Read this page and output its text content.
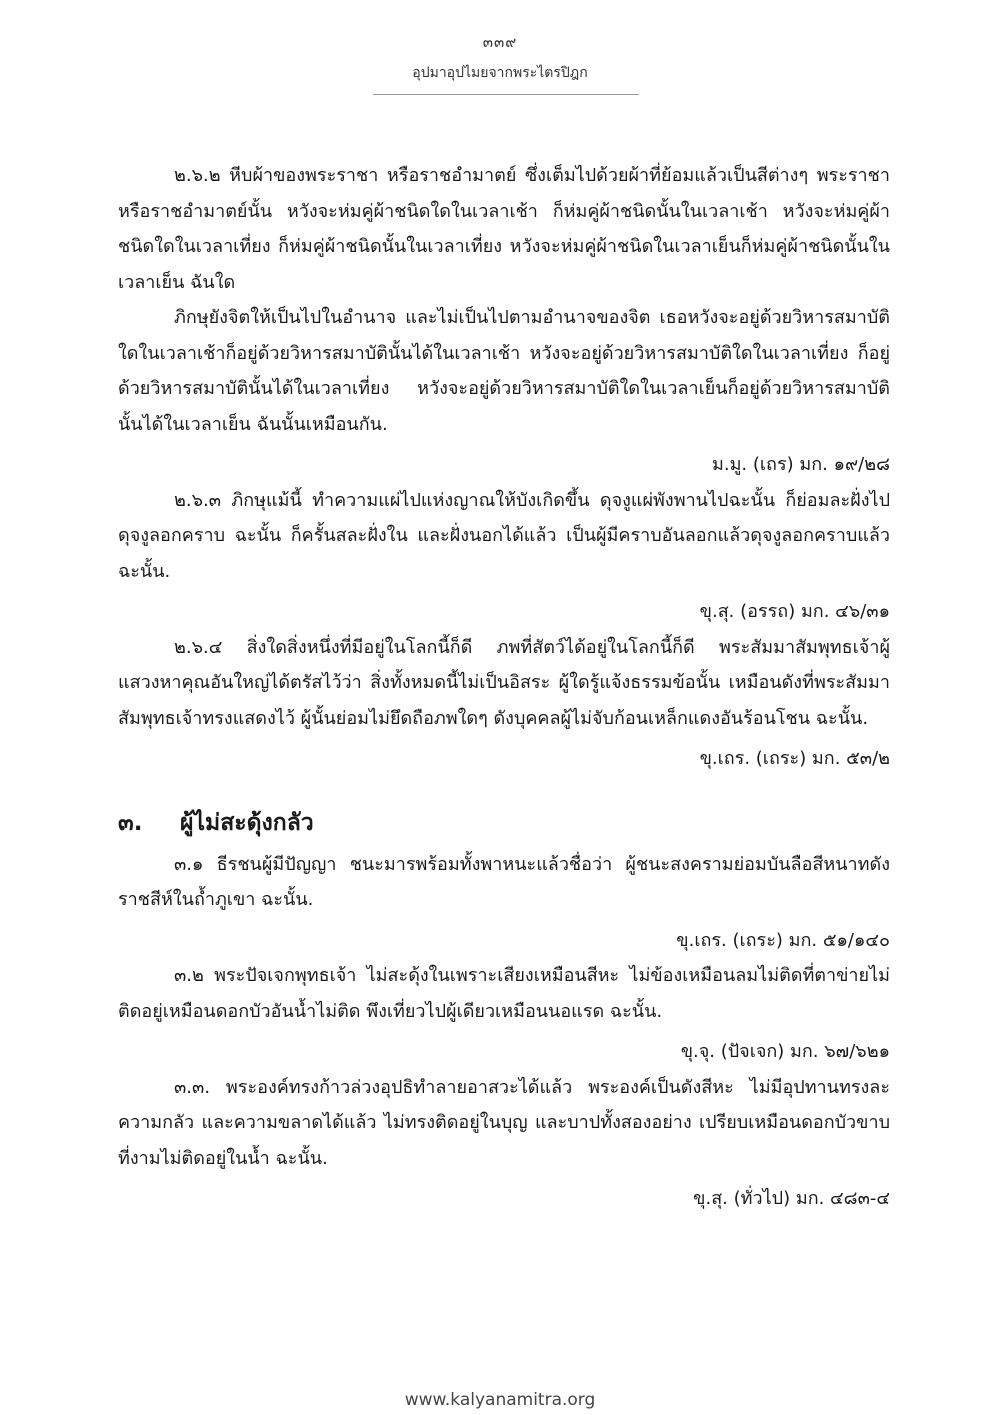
๓๓๙
อุปมาอุปไมยจากพระไตรปิฎก

๒.๖.๒ หีบผ้าของพระราชา หรือราชอำมาตย์ ซึ่งเต็มไปด้วยผ้าที่ย้อมแล้วเป็นสีต่างๆ พระราชาหรือราชอำมาตย์นั้น หวังจะห่มคู่ผ้าชนิดใดในเวลาเช้า ก็ห่มคู่ผ้าชนิดนั้นในเวลาเช้า หวังจะห่มคู่ผ้าชนิดใดในเวลาเที่ยง ก็ห่มคู่ผ้าชนิดนั้นในเวลาเที่ยง หวังจะห่มคู่ผ้าชนิดในเวลาเย็นก็ห่มคู่ผ้าชนิดนั้นในเวลาเย็น ฉันใด

ภิกษุยังจิตให้เป็นไปในอำนาจ และไม่เป็นไปตามอำนาจของจิต เธอหวังจะอยู่ด้วยวิหารสมาบัติใดในเวลาเช้าก็อยู่ด้วยวิหารสมาบัตินั้นได้ในเวลาเช้า หวังจะอยู่ด้วยวิหารสมาบัติใดในเวลาเที่ยง ก็อยู่ด้วยวิหารสมาบัตินั้นได้ในเวลาเที่ยง หวังจะอยู่ด้วยวิหารสมาบัติใดในเวลาเย็นก็อยู่ด้วยวิหารสมาบัตินั้นได้ในเวลาเย็น ฉันนั้นเหมือนกัน.

ม.มู. (เถร) มก. ๑๙/๒๘

๒.๖.๓ ภิกษุแม้นี้ ทำความแผ่ไปแห่งญาณให้บังเกิดขึ้น ดุจงูแผ่พังพานไปฉะนั้น ก็ย่อมละฝั่งไปดุจงูลอกคราบ ฉะนั้น ก็ครั้นสละฝั่งใน และฝั่งนอกได้แล้ว เป็นผู้มีคราบอันลอกแล้วดุจงูลอกคราบแล้ว ฉะนั้น.

ขุ.สุ. (อรรถ) มก. ๔๖/๓๑

๒.๖.๔ สิ่งใดสิ่งหนึ่งที่มีอยู่ในโลกนี้ก็ดี ภพที่สัตว์ได้อยู่ในโลกนี้ก็ดี พระสัมมาสัมพุทธเจ้าผู้แสวงหาคุณอันใหญ่ได้ตรัสไว้ว่า สิ่งทั้งหมดนี้ไม่เป็นอิสระ ผู้ใดรู้แจ้งธรรมข้อนั้น เหมือนดังที่พระสัมมาสัมพุทธเจ้าทรงแสดงไว้ ผู้นั้นย่อมไม่ยึดถือภพใดๆ ดังบุคคลผู้ไม่จับก้อนเหล็กแดงอันร้อนโชน ฉะนั้น.

ขุ.เถร. (เถระ) มก. ๕๓/๒
๓.	ผู้ไม่สะดุ้งกลัว

๓.๑ ธีรชนผู้มีปัญญา ชนะมารพร้อมทั้งพาหนะแล้วชื่อว่า ผู้ชนะสงครามย่อมบันลือสีหนาทดังราชสีห์ในถ้ำภูเขา ฉะนั้น.

ขุ.เถร. (เถระ) มก. ๕๑/๑๔๐

๓.๒ พระปัจเจกพุทธเจ้า ไม่สะดุ้งในเพราะเสียงเหมือนสีหะ ไม่ข้องเหมือนลมไม่ติดที่ตาข่ายไม่ติดอยู่เหมือนดอกบัวอันน้ำไม่ติด พึงเที่ยวไปผู้เดียวเหมือนนอแรด ฉะนั้น.

ขุ.จุ. (ปัจเจก) มก. ๖๗/๖๒๑

๓.๓. พระองค์ทรงก้าวล่วงอุปธิทำลายอาสวะได้แล้ว พระองค์เป็นดังสีหะ ไม่มีอุปทานทรงละความกลัว และความขลาดได้แล้ว ไม่ทรงติดอยู่ในบุญ และบาปทั้งสองอย่าง เปรียบเหมือนดอกบัวขาบที่งามไม่ติดอยู่ในน้ำ ฉะนั้น.

ขุ.สุ. (ทั่วไป) มก. ๔๘๓-๔
www.kalyanamitra.org
